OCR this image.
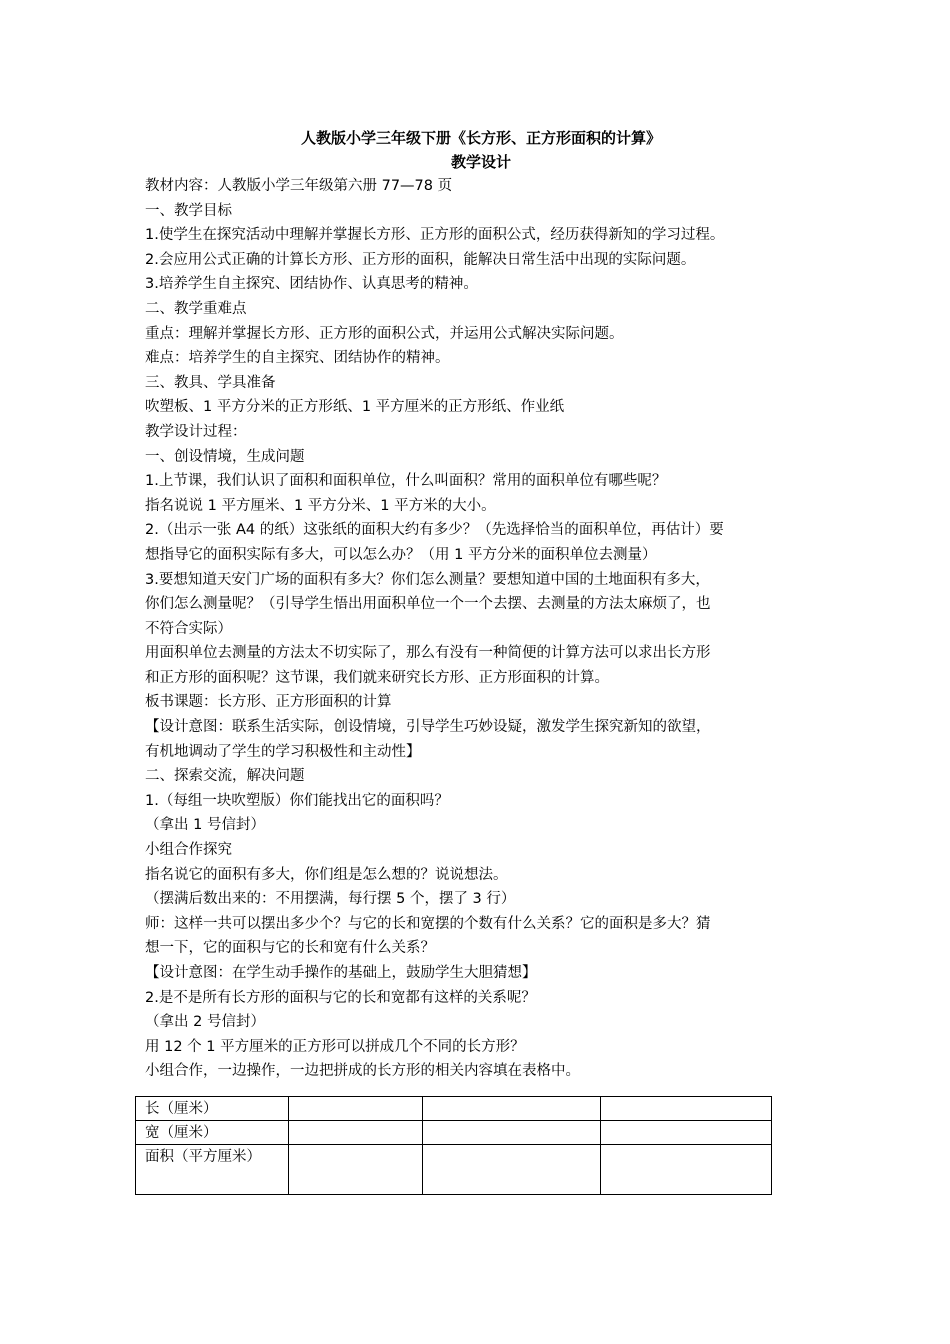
人教版小学三年级下册《长方形、正方形面积的计算》

教学设计

教材内容：人教版小学三年级第六册 77—78 页

一、教学目标

1.使学生在探究活动中理解并掌握长方形、正方形的面积公式，经历获得新知的学习过程。

2.会应用公式正确的计算长方形、正方形的面积，能解决日常生活中出现的实际问题。

3.培养学生自主探究、团结协作、认真思考的精神。

二、教学重难点

重点：理解并掌握长方形、正方形的面积公式，并运用公式解决实际问题。

难点：培养学生的自主探究、团结协作的精神。

三、教具、学具准备

吹塑板、1 平方分米的正方形纸、1 平方厘米的正方形纸、作业纸

教学设计过程：

一、创设情境，生成问题

1.上节课，我们认识了面积和面积单位，什么叫面积？常用的面积单位有哪些呢？

指名说说 1 平方厘米、1 平方分米、1 平方米的大小。

2.（出示一张 A4 的纸）这张纸的面积大约有多少？（先选择恰当的面积单位，再估计）要

想指导它的面积实际有多大，可以怎么办？（用 1 平方分米的面积单位去测量）

3.要想知道天安门广场的面积有多大？你们怎么测量？要想知道中国的土地面积有多大，

你们怎么测量呢？（引导学生悟出用面积单位一个一个去摆、去测量的方法太麻烦了，也

不符合实际）

用面积单位去测量的方法太不切实际了，那么有没有一种简便的计算方法可以求出长方形

和正方形的面积呢？这节课，我们就来研究长方形、正方形面积的计算。

板书课题：长方形、正方形面积的计算

【设计意图：联系生活实际，创设情境，引导学生巧妙设疑，激发学生探究新知的欲望，

有机地调动了学生的学习积极性和主动性】

二、探索交流，解决问题

1.（每组一块吹塑版）你们能找出它的面积吗？

（拿出 1 号信封）

小组合作探究

指名说它的面积有多大，你们组是怎么想的？说说想法。

（摆满后数出来的：不用摆满，每行摆 5 个，摆了 3 行）

师：这样一共可以摆出多少个？与它的长和宽摆的个数有什么关系？它的面积是多大？猜

想一下，它的面积与它的长和宽有什么关系？

【设计意图：在学生动手操作的基础上，鼓励学生大胆猜想】

2.是不是所有长方形的面积与它的长和宽都有这样的关系呢？

（拿出 2 号信封）

用 12 个 1 平方厘米的正方形可以拼成几个不同的长方形？

小组合作，一边操作，一边把拼成的长方形的相关内容填在表格中。

长（厘米）			
宽（厘米）			
面积（平方厘米）			
